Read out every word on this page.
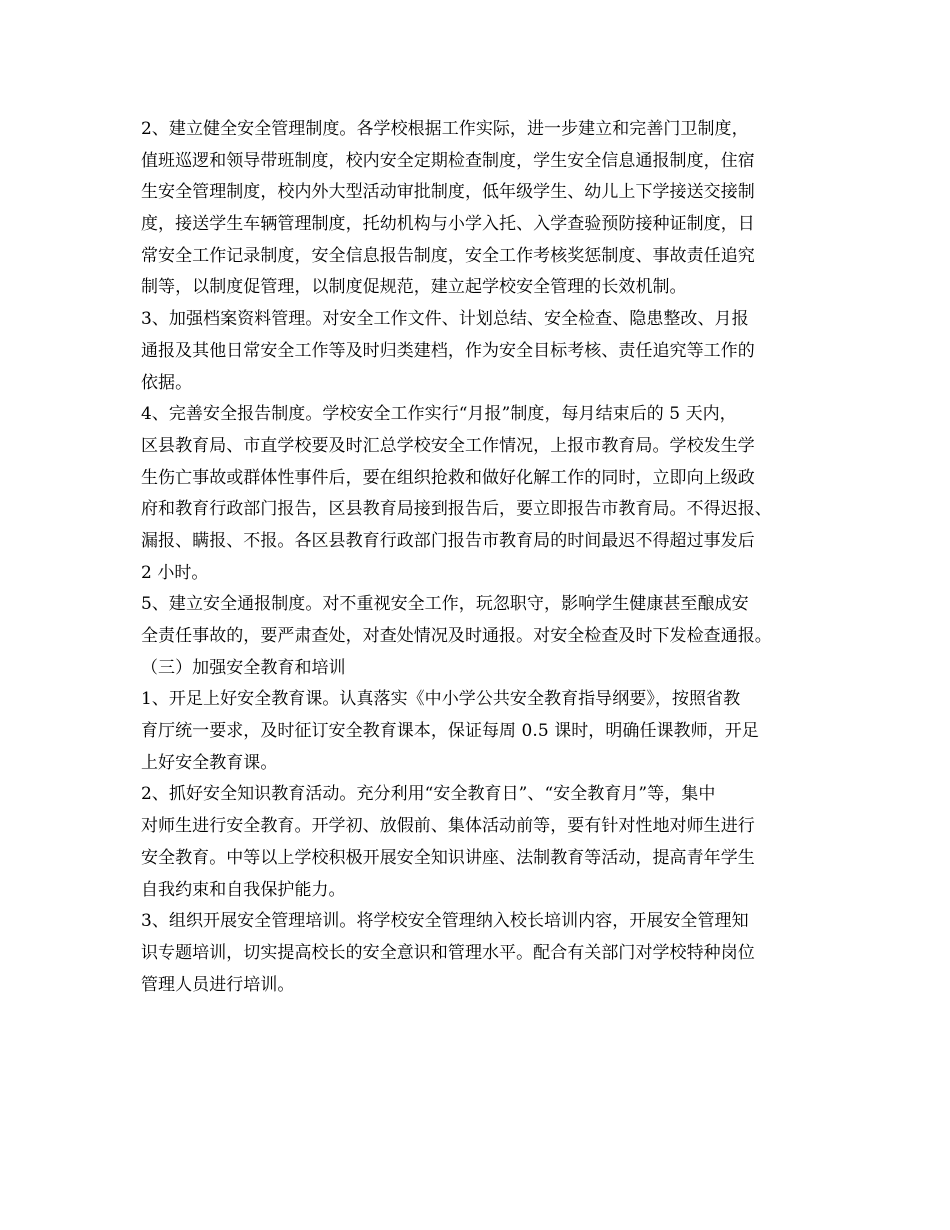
2、建立健全安全管理制度。各学校根据工作实际，进一步建立和完善门卫制度，
值班巡逻和领导带班制度，校内安全定期检查制度，学生安全信息通报制度，住宿
生安全管理制度，校内外大型活动审批制度，低年级学生、幼儿上下学接送交接制
度，接送学生车辆管理制度，托幼机构与小学入托、入学查验预防接种证制度，日
常安全工作记录制度，安全信息报告制度，安全工作考核奖惩制度、事故责任追究
制等，以制度促管理，以制度促规范，建立起学校安全管理的长效机制。
3、加强档案资料管理。对安全工作文件、计划总结、安全检查、隐患整改、月报
通报及其他日常安全工作等及时归类建档，作为安全目标考核、责任追究等工作的
依据。
4、完善安全报告制度。学校安全工作实行“月报”制度，每月结束后的 5 天内，
区县教育局、市直学校要及时汇总学校安全工作情况，上报市教育局。学校发生学
生伤亡事故或群体性事件后，要在组织抢救和做好化解工作的同时，立即向上级政
府和教育行政部门报告，区县教育局接到报告后，要立即报告市教育局。不得迟报、
漏报、瞒报、不报。各区县教育行政部门报告市教育局的时间最迟不得超过事发后
2 小时。
5、建立安全通报制度。对不重视安全工作，玩忽职守，影响学生健康甚至酿成安
全责任事故的，要严肃查处，对查处情况及时通报。对安全检查及时下发检查通报。
（三）加强安全教育和培训
1、开足上好安全教育课。认真落实《中小学公共安全教育指导纲要》，按照省教
育厅统一要求，及时征订安全教育课本，保证每周 0.5 课时，明确任课教师，开足
上好安全教育课。
2、抓好安全知识教育活动。充分利用“安全教育日”、“安全教育月”等，集中
对师生进行安全教育。开学初、放假前、集体活动前等，要有针对性地对师生进行
安全教育。中等以上学校积极开展安全知识讲座、法制教育等活动，提高青年学生
自我约束和自我保护能力。
3、组织开展安全管理培训。将学校安全管理纳入校长培训内容，开展安全管理知
识专题培训，切实提高校长的安全意识和管理水平。配合有关部门对学校特种岗位
管理人员进行培训。
